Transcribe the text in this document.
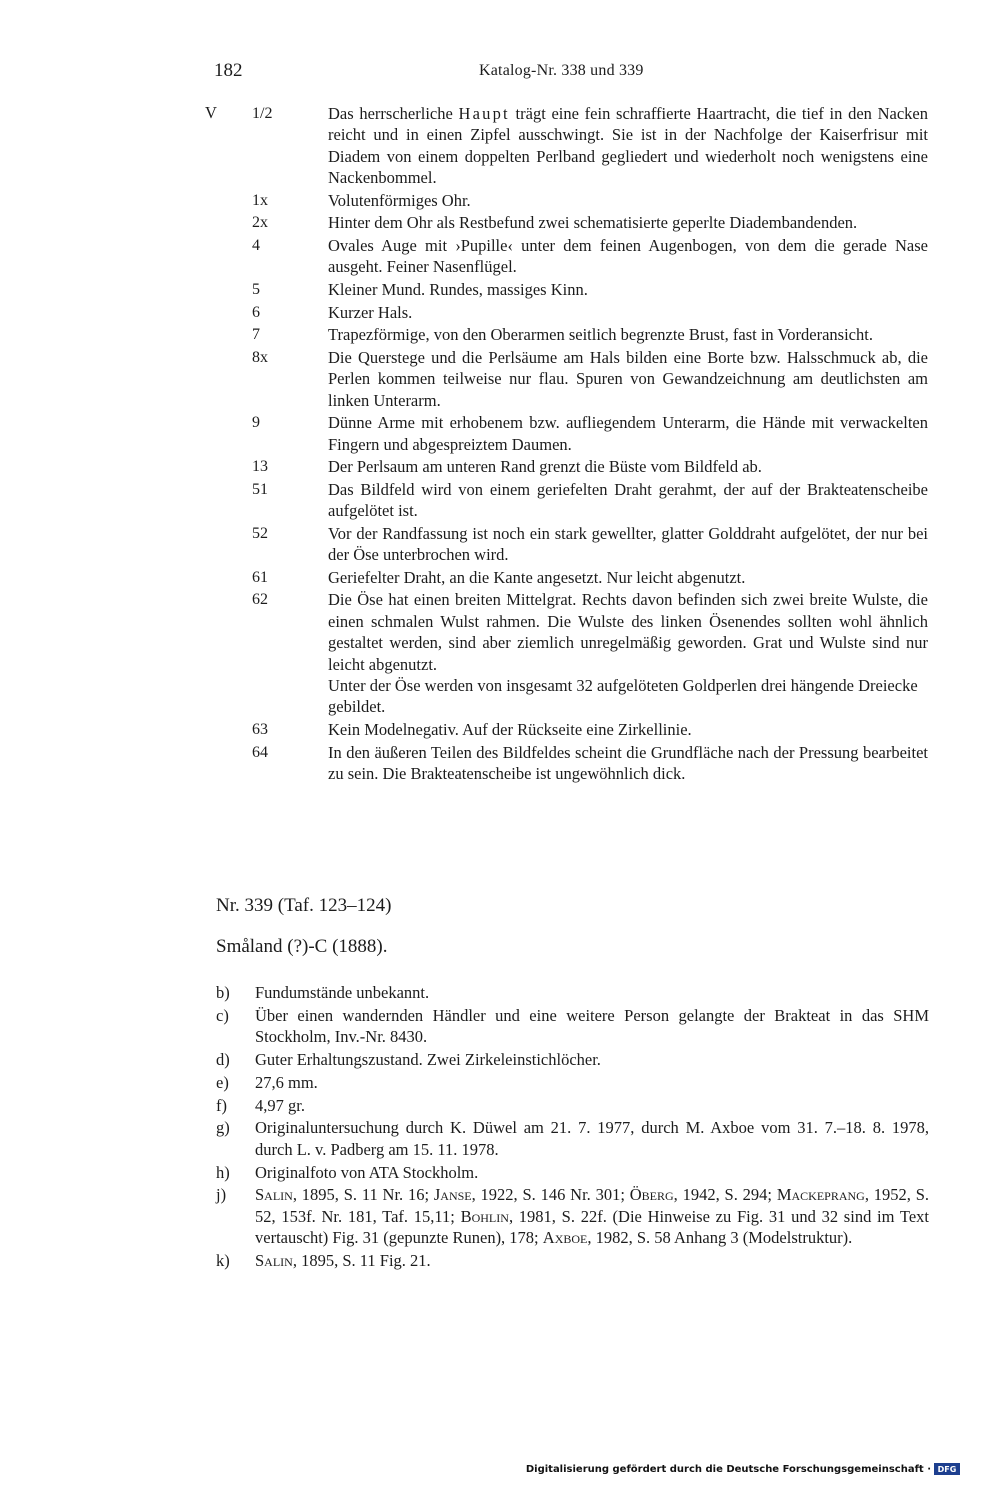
182	Katalog-Nr. 338 und 339
V 1/2	Das herrscherliche Haupt trägt eine fein schraffierte Haartracht, die tief in den Nacken reicht und in einen Zipfel ausschwingt. Sie ist in der Nachfolge der Kaiserfrisur mit Diadem von einem doppelten Perlband gegliedert und wiederholt noch wenigstens eine Nackenbommel.
1x	Volutenförmiges Ohr.
2x	Hinter dem Ohr als Restbefund zwei schematisierte geperlte Diadembandenden.
4	Ovales Auge mit ›Pupille‹ unter dem feinen Augenbogen, von dem die gerade Nase ausgeht. Feiner Nasenflügel.
5	Kleiner Mund. Rundes, massiges Kinn.
6	Kurzer Hals.
7	Trapezförmige, von den Oberarmen seitlich begrenzte Brust, fast in Vorderansicht.
8x	Die Querstege und die Perlsäume am Hals bilden eine Borte bzw. Halsschmuck ab, die Perlen kommen teilweise nur flau. Spuren von Gewandzeichnung am deutlichsten am linken Unterarm.
9	Dünne Arme mit erhobenem bzw. aufliegendem Unterarm, die Hände mit verwackelten Fingern und abgespreiztem Daumen.
13	Der Perlsaum am unteren Rand grenzt die Büste vom Bildfeld ab.
51	Das Bildfeld wird von einem geriefelten Draht gerahmt, der auf der Brakteatenscheibe aufgelötet ist.
52	Vor der Randfassung ist noch ein stark gewellter, glatter Golddraht aufgelötet, der nur bei der Öse unterbrochen wird.
61	Geriefelter Draht, an die Kante angesetzt. Nur leicht abgenutzt.
62	Die Öse hat einen breiten Mittelgrat. Rechts davon befinden sich zwei breite Wulste, die einen schmalen Wulst rahmen. Die Wulste des linken Ösenendes sollten wohl ähnlich gestaltet werden, sind aber ziemlich unregelmäßig geworden. Grat und Wulste sind nur leicht abgenutzt.
Unter der Öse werden von insgesamt 32 aufgelöteten Goldperlen drei hängende Dreiecke gebildet.
63	Kein Modelnegativ. Auf der Rückseite eine Zirkellinie.
64	In den äußeren Teilen des Bildfeldes scheint die Grundfläche nach der Pressung bearbeitet zu sein. Die Brakteatenscheibe ist ungewöhnlich dick.
Nr. 339 (Taf. 123–124)
Småland (?)-C (1888).
b) Fundumstände unbekannt.
c) Über einen wandernden Händler und eine weitere Person gelangte der Brakteat in das SHM Stockholm, Inv.-Nr. 8430.
d) Guter Erhaltungszustand. Zwei Zirkeleinstichlöcher.
e) 27,6 mm.
f) 4,97 gr.
g) Originaluntersuchung durch K. Düwel am 21. 7. 1977, durch M. Axboe vom 31. 7.–18. 8. 1978, durch L. v. Padberg am 15. 11. 1978.
h) Originalfoto von ATA Stockholm.
j) Salin, 1895, S. 11 Nr. 16; Janse, 1922, S. 146 Nr. 301; Öberg, 1942, S. 294; Mackeprang, 1952, S. 52, 153f. Nr. 181, Taf. 15,11; Bohlin, 1981, S. 22f. (Die Hinweise zu Fig. 31 und 32 sind im Text vertauscht) Fig. 31 (gepunzte Runen), 178; Axboe, 1982, S. 58 Anhang 3 (Modelstruktur).
k) Salin, 1895, S. 11 Fig. 21.
Digitalisierung gefördert durch die Deutsche Forschungsgemeinschaft · DFG
